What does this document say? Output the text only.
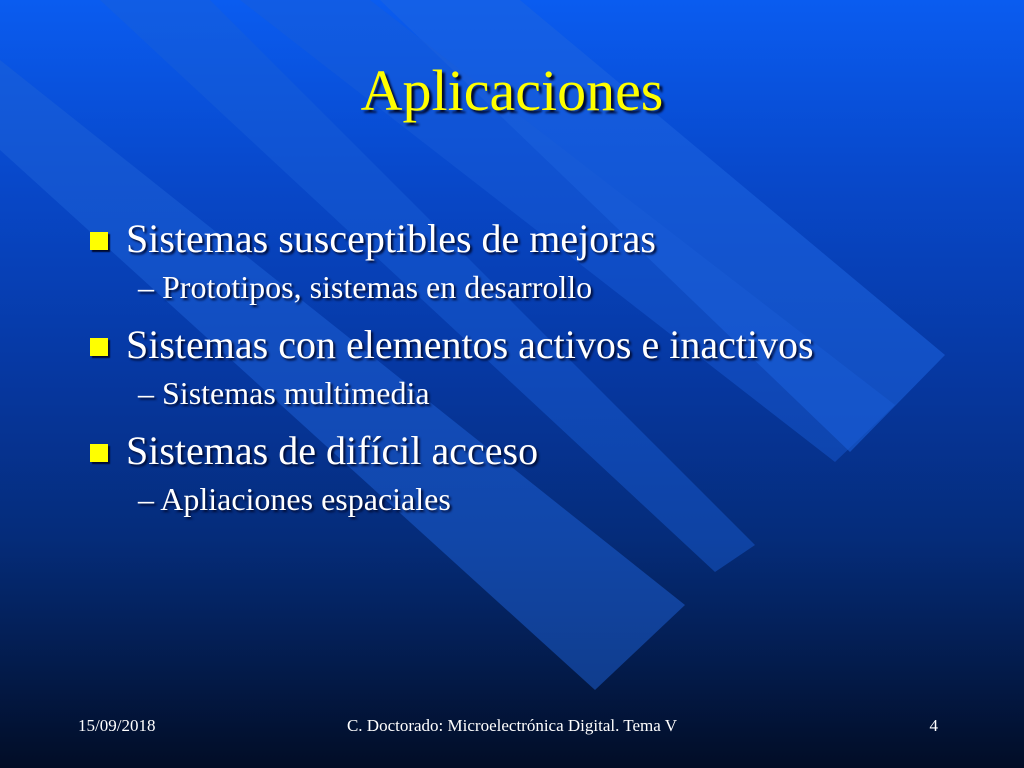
Aplicaciones
Sistemas susceptibles de mejoras
– Prototipos, sistemas en desarrollo
Sistemas con elementos activos e inactivos
– Sistemas multimedia
Sistemas de difícil acceso
– Apliaciones espaciales
C. Doctorado: Microelectrónica Digital. Tema V
15/09/2018	4
